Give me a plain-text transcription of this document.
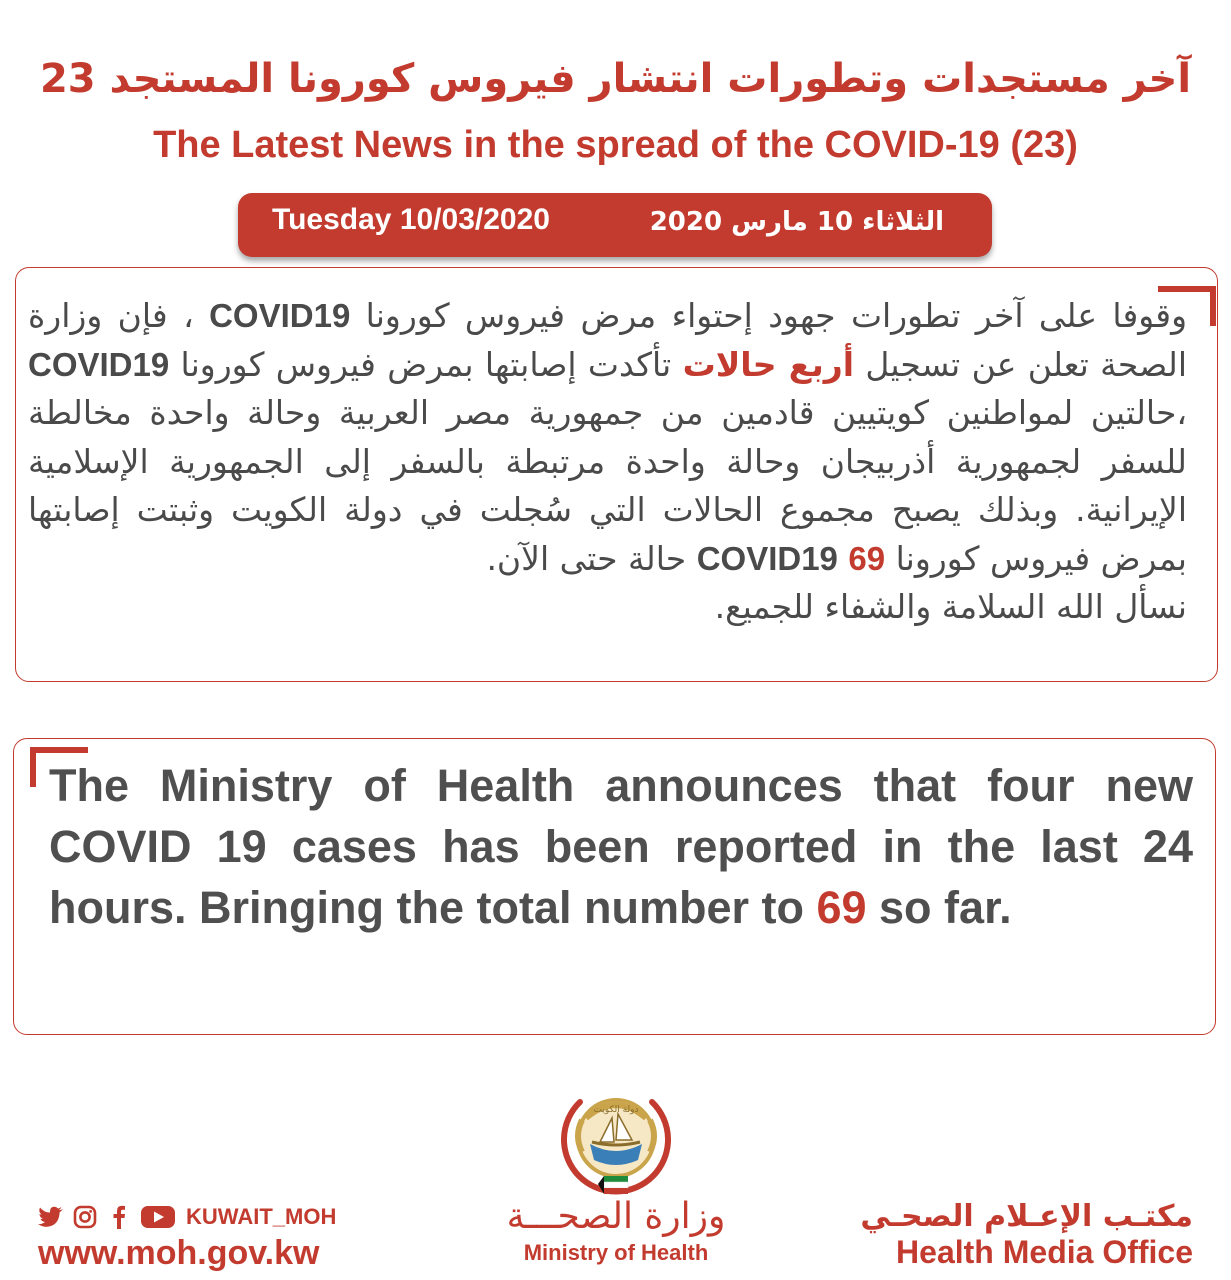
آخر مستجدات وتطورات انتشار فيروس كورونا المستجد 23
The Latest News in the spread of the COVID-19 (23)
Tuesday 10/03/2020	الثلاثاء 10 مارس 2020
وقوفا على آخر تطورات جهود إحتواء مرض فيروس كورونا COVID19 ، فإن وزارة الصحة تعلن عن تسجيل أربع حالات تأكدت إصابتها بمرض فيروس كورونا COVID19 ،حالتين لمواطنين كويتيين قادمين من جمهورية مصر العربية وحالة واحدة مخالطة للسفر لجمهورية أذربيجان وحالة واحدة مرتبطة بالسفر إلى الجمهورية الإسلامية الإيرانية. وبذلك يصبح مجموع الحالات التي سُجلت في دولة الكويت وثبتت إصابتها بمرض فيروس كورونا COVID19 69 حالة حتى الآن.
نسأل الله السلامة والشفاء للجميع.
The Ministry of Health announces that four new COVID 19 cases has been reported in the last 24 hours. Bringing the total number to 69 so far.
دولة الكويت
KUWAIT_MOH
www.moh.gov.kw
وزارة الصحـــة
Ministry of Health
مكتـب الإعـلام الصحـي
Health Media Office
